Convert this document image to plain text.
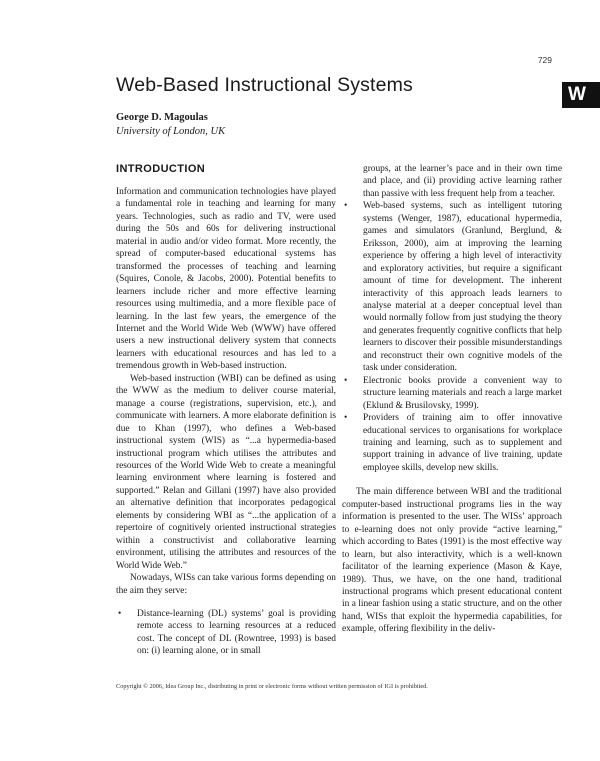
729
W
Web-Based Instructional Systems
George D. Magoulas
University of London, UK
INTRODUCTION

Information and communication technologies have played a fundamental role in teaching and learning for many years. Technologies, such as radio and TV, were used during the 50s and 60s for delivering instructional material in audio and/or video format. More recently, the spread of computer-based educational systems has transformed the processes of teaching and learning (Squires, Conole, & Jacobs, 2000). Potential benefits to learners include richer and more effective learning resources using multimedia, and a more flexible pace of learning. In the last few years, the emergence of the Internet and the World Wide Web (WWW) have offered users a new instructional delivery system that connects learners with educational resources and has led to a tremendous growth in Web-based instruction.

Web-based instruction (WBI) can be defined as using the WWW as the medium to deliver course material, manage a course (registrations, supervision, etc.), and communicate with learners. A more elaborate definition is due to Khan (1997), who defines a Web-based instructional system (WIS) as “...a hypermedia-based instructional program which utilises the attributes and resources of the World Wide Web to create a meaningful learning environment where learning is fostered and supported.” Relan and Gillani (1997) have also provided an alternative definition that incorporates pedagogical elements by considering WBI as “...the application of a repertoire of cognitively oriented instructional strategies within a constructivist and collaborative learning environment, utilising the attributes and resources of the World Wide Web.”

Nowadays, WISs can take various forms depending on the aim they serve:

• Distance-learning (DL) systems’ goal is providing remote access to learning resources at a reduced cost. The concept of DL (Rowntree, 1993) is based on: (i) learning alone, or in small

groups, at the learner’s pace and in their own time and place, and (ii) providing active learning rather than passive with less frequent help from a teacher.

• Web-based systems, such as intelligent tutoring systems (Wenger, 1987), educational hypermedia, games and simulators (Granlund, Berglund, & Eriksson, 2000), aim at improving the learning experience by offering a high level of interactivity and exploratory activities, but require a significant amount of time for development. The inherent interactivity of this approach leads learners to analyse material at a deeper conceptual level than would normally follow from just studying the theory and generates frequently cognitive conflicts that help learners to discover their possible misunderstandings and reconstruct their own cognitive models of the task under consideration.

• Electronic books provide a convenient way to structure learning materials and reach a large market (Eklund & Brusilovsky, 1999).

• Providers of training aim to offer innovative educational services to organisations for workplace training and learning, such as to supplement and support training in advance of live training, update employee skills, develop new skills.

The main difference between WBI and the traditional computer-based instructional programs lies in the way information is presented to the user. The WISs’ approach to e-learning does not only provide “active learning,” which according to Bates (1991) is the most effective way to learn, but also interactivity, which is a well-known facilitator of the learning experience (Mason & Kaye, 1989). Thus, we have, on the one hand, traditional instructional programs which present educational content in a linear fashion using a static structure, and on the other hand, WISs that exploit the hypermedia capabilities, for example, offering flexibility in the deliv-

Copyright © 2006, Idea Group Inc., distributing in print or electronic forms without written permission of IGI is prohibited.
